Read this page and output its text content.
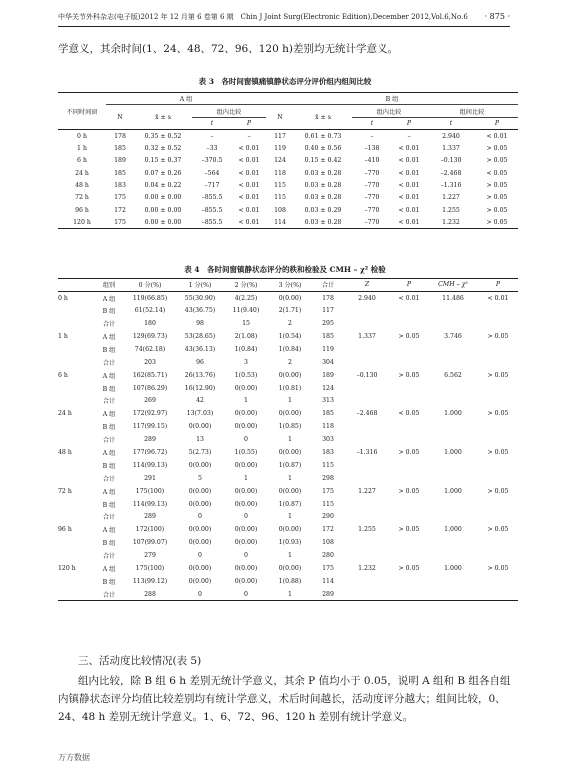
中华关节外科杂志(电子版)2012 年 12 月第 6 卷第 6 期　Chin J Joint Surg(Electronic Edition),December 2012,Vol.6,No.6 · 875 ·
学意义，其余时间(1、24、48、72、96、120 h)差别均无统计学意义。
表 3　各时间窗镇痛镇静状态评分评价组内组间比较
不同时间窗	A 组				B 组					
	N	x̄ ± s	组内比较		N	x̄ ± s	组内比较		组间比较	
			t	P			t	P	t	P
0 h	178	0.35 ± 0.52	–	–	117	0.61 ± 0.73	–	–	2.940	< 0.01
1 h	185	0.32 ± 0.52	–33	< 0.01	119	0.40 ± 0.56	–138	< 0.01	1.337	> 0.05
6 h	189	0.15 ± 0.37	–370.5	< 0.01	124	0.15 ± 0.42	–410	< 0.01	–0.130	> 0.05
24 h	185	0.07 ± 0.26	–564	< 0.01	118	0.03 ± 0.28	–770	< 0.01	–2.468	< 0.05
48 h	183	0.04 ± 0.22	–717	< 0.01	115	0.03 ± 0.28	–770	< 0.01	–1.316	> 0.05
72 h	175	0.00 ± 0.00	–855.5	< 0.01	115	0.03 ± 0.28	–770	< 0.01	1.227	> 0.05
96 h	172	0.00 ± 0.00	–855.5	< 0.01	108	0.03 ± 0.29	–770	< 0.01	1.255	> 0.05
120 h	175	0.00 ± 0.00	–855.5	< 0.01	114	0.03 ± 0.28	–770	< 0.01	1.232	> 0.05
表 4　各时间窗镇静状态评分的秩和检验及 CMH – χ² 检验
	组别	0 分(%)	1 分(%)	2 分(%)	3 分(%)	合计	Z	P	CMH – χ²	P
0 h	A 组	119(66.85)	55(30.90)	4(2.25)	0(0.00)	178	2.940	< 0.01	11.486	< 0.01
	B 组	61(52.14)	43(36.75)	11(9.40)	2(1.71)	117				
	合计	180	98	15	2	295				
1 h	A 组	129(69.73)	53(28.65)	2(1.08)	1(0.54)	185	1.337	> 0.05	3.746	> 0.05
	B 组	74(62.18)	43(36.13)	1(0.84)	1(0.84)	119				
	合计	203	96	3	2	304				
6 h	A 组	162(85.71)	26(13.76)	1(0.53)	0(0.00)	189	–0.130	> 0.05	6.562	> 0.05
	B 组	107(86.29)	16(12.90)	0(0.00)	1(0.81)	124				
	合计	269	42	1	1	313				
24 h	A 组	172(92.97)	13(7.03)	0(0.00)	0(0.00)	185	–2.468	< 0.05	1.000	> 0.05
	B 组	117(99.15)	0(0.00)	0(0.00)	1(0.85)	118				
	合计	289	13	0	1	303				
48 h	A 组	177(96.72)	5(2.73)	1(0.55)	0(0.00)	183	–1.316	> 0.05	1.000	> 0.05
	B 组	114(99.13)	0(0.00)	0(0.00)	1(0.87)	115				
	合计	291	5	1	1	298				
72 h	A 组	175(100)	0(0.00)	0(0.00)	0(0.00)	175	1.227	> 0.05	1.000	> 0.05
	B 组	114(99.13)	0(0.00)	0(0.00)	1(0.87)	115				
	合计	289	0	0	1	290				
96 h	A 组	172(100)	0(0.00)	0(0.00)	0(0.00)	172	1.255	> 0.05	1.000	> 0.05
	B 组	107(99.07)	0(0.00)	0(0.00)	1(0.93)	108				
	合计	279	0	0	1	280				
120 h	A 组	175(100)	0(0.00)	0(0.00)	0(0.00)	175	1.232	> 0.05	1.000	> 0.05
	B 组	113(99.12)	0(0.00)	0(0.00)	1(0.88)	114				
	合计	288	0	0	1	289				
三、活动度比较情况(表 5)
组内比较，除 B 组 6 h 差别无统计学意义，其余 P 值均小于 0.05，说明 A 组和 B 组各自组内镇静状态评分均值比较差别均有统计学意义，术后时间越长，活动度评分越大；组间比较，0、24、48 h 差别无统计学意义。1、6、72、96、120 h 差别有统计学意义。
万方数据
